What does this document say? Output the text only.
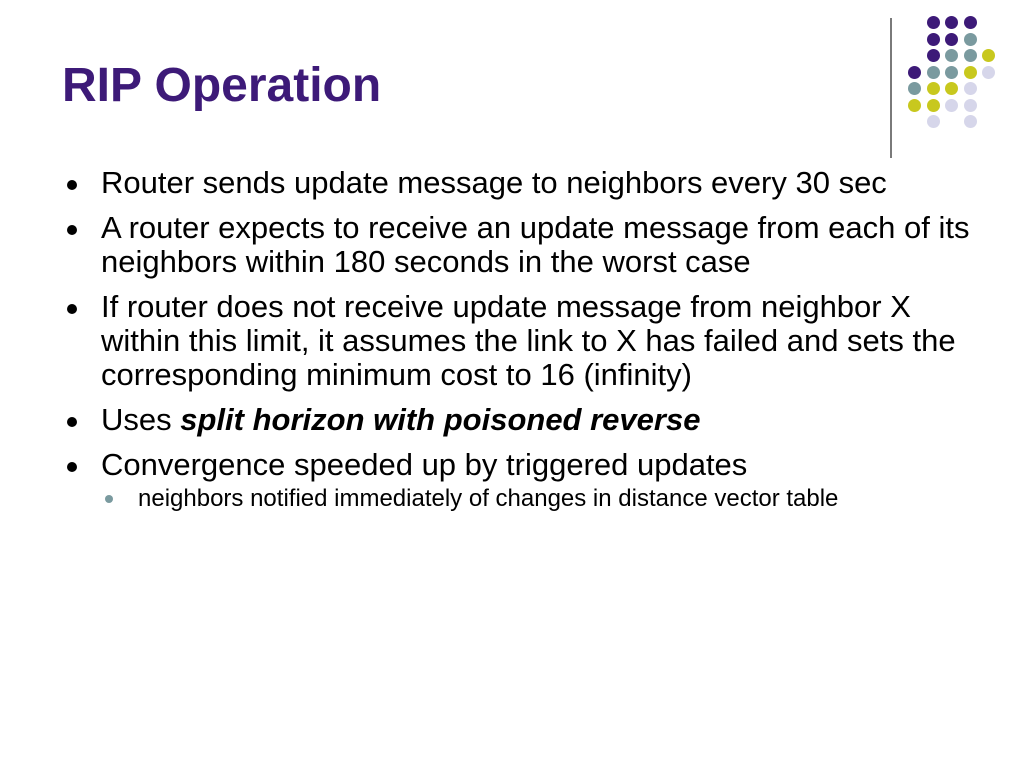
RIP Operation
Router sends update message to neighbors every 30 sec
A router expects to receive an update message from each of its neighbors within 180 seconds in the worst case
If router does not receive update message from neighbor X within this limit, it assumes the link to X has failed and sets the corresponding minimum cost to 16 (infinity)
Uses split horizon with poisoned reverse
Convergence speeded up by triggered updates
neighbors notified immediately of changes in distance vector table
